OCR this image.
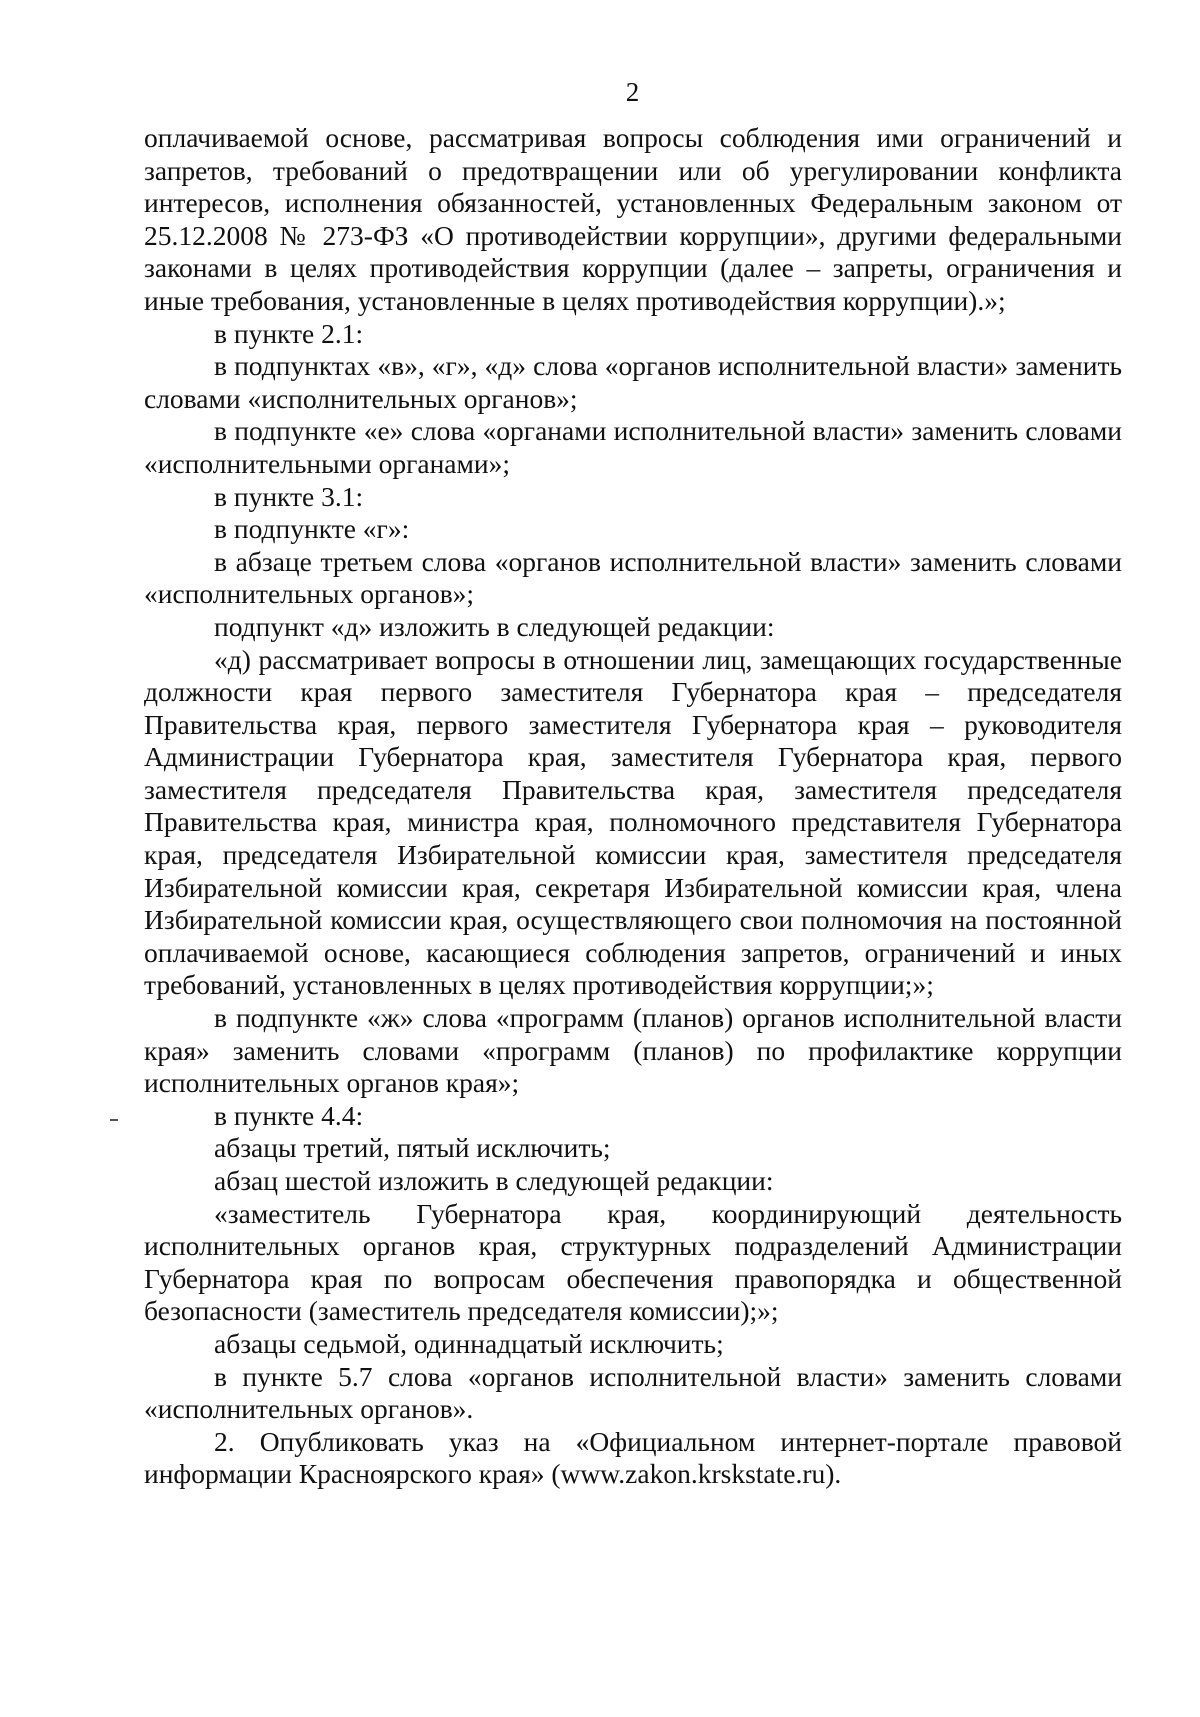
2

оплачиваемой основе, рассматривая вопросы соблюдения ими ограничений и запретов, требований о предотвращении или об урегулировании конфликта интересов, исполнения обязанностей, установленных Федеральным законом от 25.12.2008 № 273-ФЗ «О противодействии коррупции», другими федеральными законами в целях противодействия коррупции (далее – запреты, ограничения и иные требования, установленные в целях противодействия коррупции).»;

в пункте 2.1:

в подпунктах «в», «г», «д» слова «органов исполнительной власти» заменить словами «исполнительных органов»;

в подпункте «е» слова «органами исполнительной власти» заменить словами «исполнительными органами»;

в пункте 3.1:

в подпункте «г»:

в абзаце третьем слова «органов исполнительной власти» заменить словами «исполнительных органов»;

подпункт «д» изложить в следующей редакции:

«д) рассматривает вопросы в отношении лиц, замещающих государственные должности края первого заместителя Губернатора края – председателя Правительства края, первого заместителя Губернатора края – руководителя Администрации Губернатора края, заместителя Губернатора края, первого заместителя председателя Правительства края, заместителя председателя Правительства края, министра края, полномочного представителя Губернатора края, председателя Избирательной комиссии края, заместителя председателя Избирательной комиссии края, секретаря Избирательной комиссии края, члена Избирательной комиссии края, осуществляющего свои полномочия на постоянной оплачиваемой основе, касающиеся соблюдения запретов, ограничений и иных требований, установленных в целях противодействия коррупции;»;

в подпункте «ж» слова «программ (планов) органов исполнительной власти края» заменить словами «программ (планов) по профилактике коррупции исполнительных органов края»;

в пункте 4.4:

абзацы третий, пятый исключить;

абзац шестой изложить в следующей редакции:

«заместитель Губернатора края, координирующий деятельность исполнительных органов края, структурных подразделений Администрации Губернатора края по вопросам обеспечения правопорядка и общественной безопасности (заместитель председателя комиссии);»;

абзацы седьмой, одиннадцатый исключить;

в пункте 5.7 слова «органов исполнительной власти» заменить словами «исполнительных органов».

2. Опубликовать указ на «Официальном интернет-портале правовой информации Красноярского края» (www.zakon.krskstate.ru).
